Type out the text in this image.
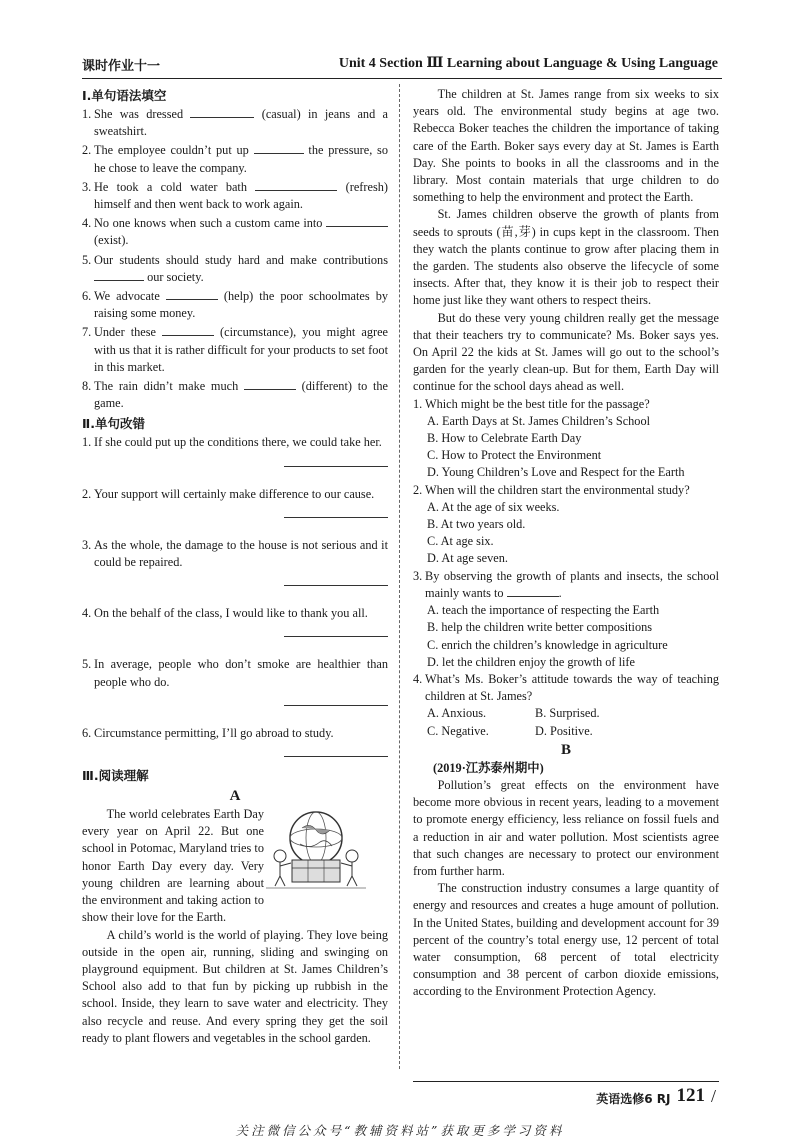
课时作业十一	Unit 4 Section Ⅲ Learning about Language & Using Language
Ⅰ.单句语法填空
1. She was dressed	(casual) in jeans and a sweatshirt.
2. The employee couldn’t put up	the pressure, so he chose to leave the company.
3. He took a cold water bath	(refresh) himself and then went back to work again.
4. No one knows when such a custom came into  (exist).
5. Our students should study hard and make contributions  our society.
6. We advocate	(help) the poor schoolmates by raising some money.
7. Under these	(circumstance), you might agree with us that it is rather difficult for your products to set foot in this market.
8. The rain didn’t make much	(different) to the game.
Ⅱ.单句改错
1. If she could put up the conditions there, we could take her.
2. Your support will certainly make difference to our cause.
3. As the whole, the damage to the house is not serious and it could be repaired.
4. On the behalf of the class, I would like to thank you all.
5. In average, people who don’t smoke are healthier than people who do.
6. Circumstance permitting, I’ll go abroad to study.
Ⅲ.阅读理解
A
The world celebrates Earth Day every year on April 22. But one school in Potomac, Maryland tries to honor Earth Day every day. Very young children are learning about the environment and taking action to show their love for the Earth.
A child’s world is the world of playing. They love being outside in the open air, running, sliding and swinging on playground equipment. But children at St. James Children’s School also add to that fun by picking up rubbish in the school. Inside, they learn to save water and electricity. They also recycle and reuse. And every spring they get the soil ready to plant flowers and vegetables in the school garden.
The children at St. James range from six weeks to six years old. The environmental study begins at age two. Rebecca Boker teaches the children the importance of taking care of the Earth. Boker says every day at St. James is Earth Day. She points to books in all the classrooms and in the library. Most contain materials that urge children to do something to help the environment and protect the Earth.
St. James children observe the growth of plants from seeds to sprouts (苗,芽) in cups kept in the classroom. Then they watch the plants continue to grow after placing them in the garden. The students also observe the lifecycle of some insects. After that, they know it is their job to respect their home just like they want others to respect theirs.
But do these very young children really get the message that their teachers try to communicate? Ms. Boker says yes. On April 22 the kids at St. James will go out to the school’s garden for the yearly clean-up. But for them, Earth Day will continue for the school days ahead as well.
1. Which might be the best title for the passage?
A. Earth Days at St. James Children’s School
B. How to Celebrate Earth Day
C. How to Protect the Environment
D. Young Children’s Love and Respect for the Earth
2. When will the children start the environmental study?
A. At the age of six weeks.
B. At two years old.
C. At age six.
D. At age seven.
3. By observing the growth of plants and insects, the school mainly wants to	.
A. teach the importance of respecting the Earth
B. help the children write better compositions
C. enrich the children’s knowledge in agriculture
D. let the children enjoy the growth of life
4. What’s Ms. Boker’s attitude towards the way of teaching children at St. James?
A. Anxious.	B. Surprised.
C. Negative.	D. Positive.
B
(2019·江苏泰州期中)
Pollution’s great effects on the environment have become more obvious in recent years, leading to a movement to promote energy efficiency, less reliance on fossil fuels and a reduction in air and water pollution. Most scientists agree that such changes are necessary to protect our environment from further harm.
The construction industry consumes a large quantity of energy and resources and creates a huge amount of pollution. In the United States, building and development account for 39 percent of the country’s total energy use, 12 percent of total water consumption, 68 percent of total electricity consumption and 38 percent of carbon dioxide emissions, according to the Environment Protection Agency.
英语选修6 RJ 121 /
关注微信公众号“教辅资料站”获取更多学习资料
